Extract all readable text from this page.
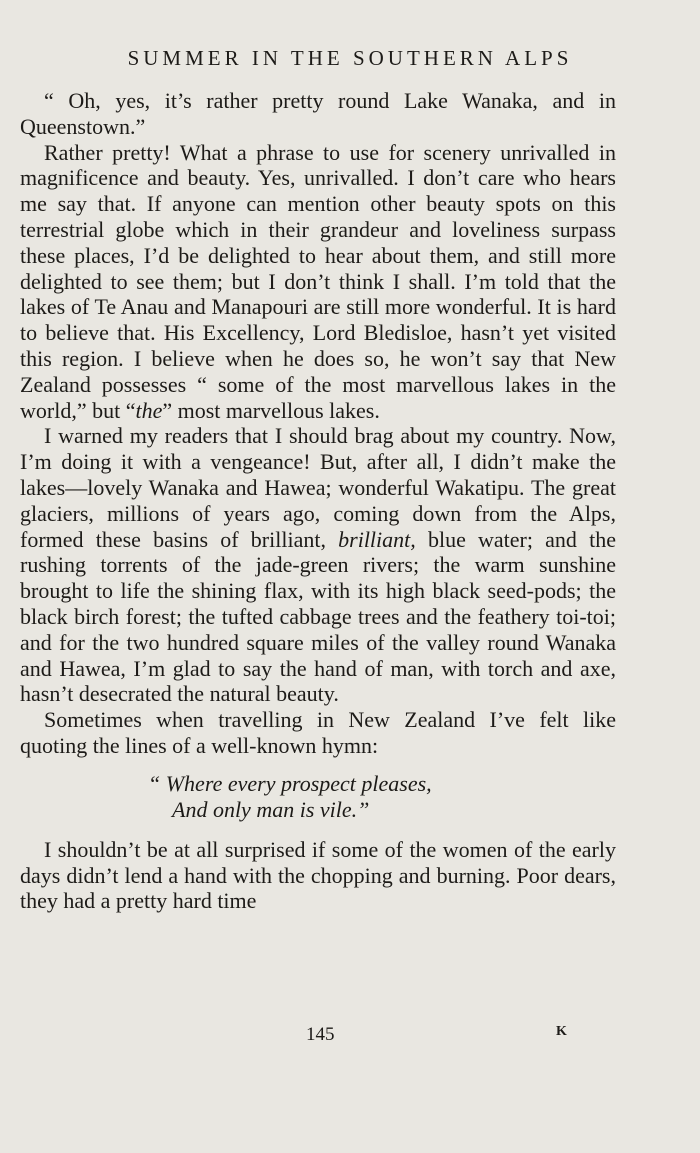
SUMMER IN THE SOUTHERN ALPS

“ Oh, yes, it’s rather pretty round Lake Wanaka, and in Queenstown.”

Rather pretty! What a phrase to use for scenery unrivalled in magnificence and beauty. Yes, unrivalled. I don’t care who hears me say that. If anyone can mention other beauty spots on this terrestrial globe which in their grandeur and loveliness surpass these places, I’d be delighted to hear about them, and still more delighted to see them; but I don’t think I shall. I’m told that the lakes of Te Anau and Manapouri are still more wonderful. It is hard to believe that. His Excellency, Lord Bledisloe, hasn’t yet visited this region. I believe when he does so, he won’t say that New Zealand possesses “ some of the most marvellous lakes in the world,” but “the” most marvellous lakes.

I warned my readers that I should brag about my country. Now, I’m doing it with a vengeance! But, after all, I didn’t make the lakes—lovely Wanaka and Hawea; wonderful Wakatipu. The great glaciers, millions of years ago, coming down from the Alps, formed these basins of brilliant, brilliant, blue water; and the rushing torrents of the jade-green rivers; the warm sunshine brought to life the shining flax, with its high black seed-pods; the black birch forest; the tufted cabbage trees and the feathery toi-toi; and for the two hundred square miles of the valley round Wanaka and Hawea, I’m glad to say the hand of man, with torch and axe, hasn’t desecrated the natural beauty.

Sometimes when travelling in New Zealand I’ve felt like quoting the lines of a well-known hymn:

“ Where every prospect pleases,
And only man is vile.”

I shouldn’t be at all surprised if some of the women of the early days didn’t lend a hand with the chopping and burning. Poor dears, they had a pretty hard time

145	K
